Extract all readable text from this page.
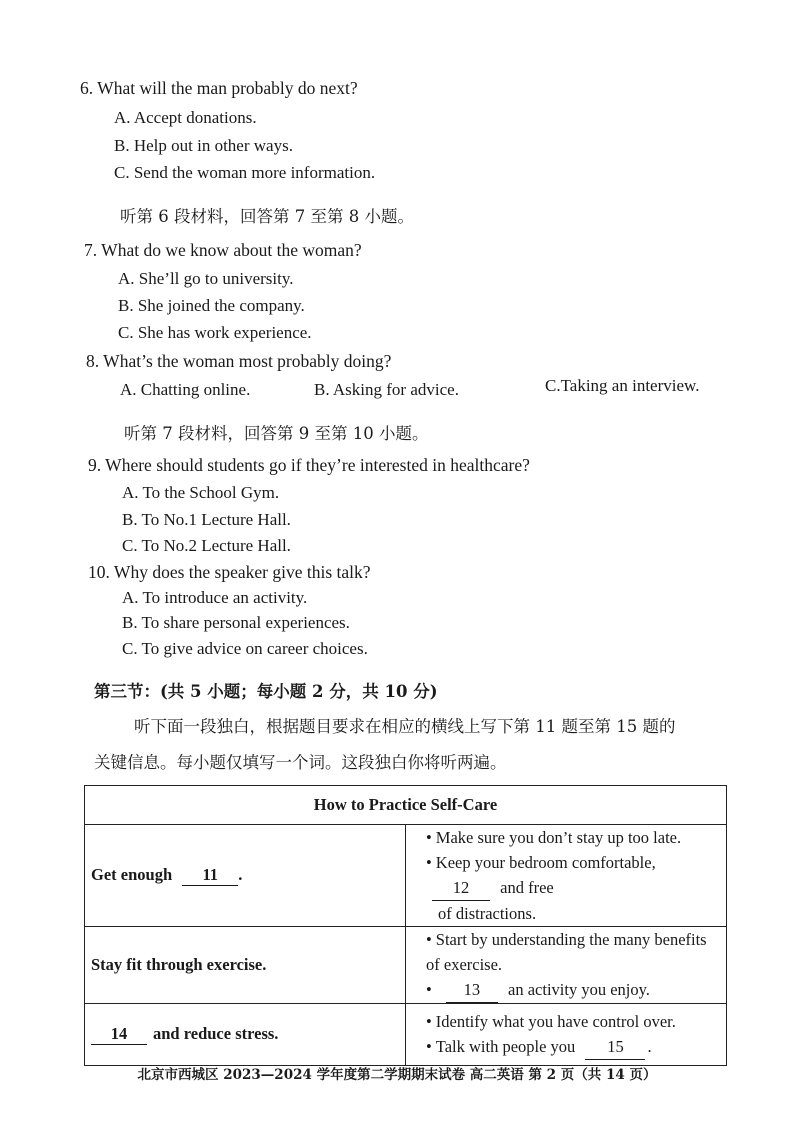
6. What will the man probably do next?
A. Accept donations.
B. Help out in other ways.
C. Send the woman more information.
听第 6 段材料，回答第 7 至第 8 小题。
7. What do we know about the woman?
A. She’ll go to university.
B. She joined the company.
C. She has work experience.
8. What’s the woman most probably doing?
A. Chatting online.	B. Asking for advice.	C.Taking an interview.
听第 7 段材料，回答第 9 至第 10 小题。
9. Where should students go if they’re interested in healthcare?
A. To the School Gym.
B. To No.1 Lecture Hall.
C. To No.2 Lecture Hall.
10. Why does the speaker give this talk?
A. To introduce an activity.
B. To share personal experiences.
C. To give advice on career choices.
第三节：(共 5 小题；每小题 2 分，共 10 分)
听下面一段独白，根据题目要求在相应的横线上写下第 11 题至第 15 题的
关键信息。每小题仅填写一个词。这段独白你将听两遍。
How to Practice Self-Care	
Get enough 11 .	• Make sure you don’t stay up too late.
• Keep your bedroom comfortable, 12 and free
of distractions.

Stay fit through exercise.	• Start by understanding the many benefits of exercise.
• 13 an activity you enjoy.

14 and reduce stress.	• Identify what you have control over.
• Talk with people you 15 .
北京市西城区 2023—2024 学年度第二学期期末试卷 高二英语 第 2 页（共 14 页）
